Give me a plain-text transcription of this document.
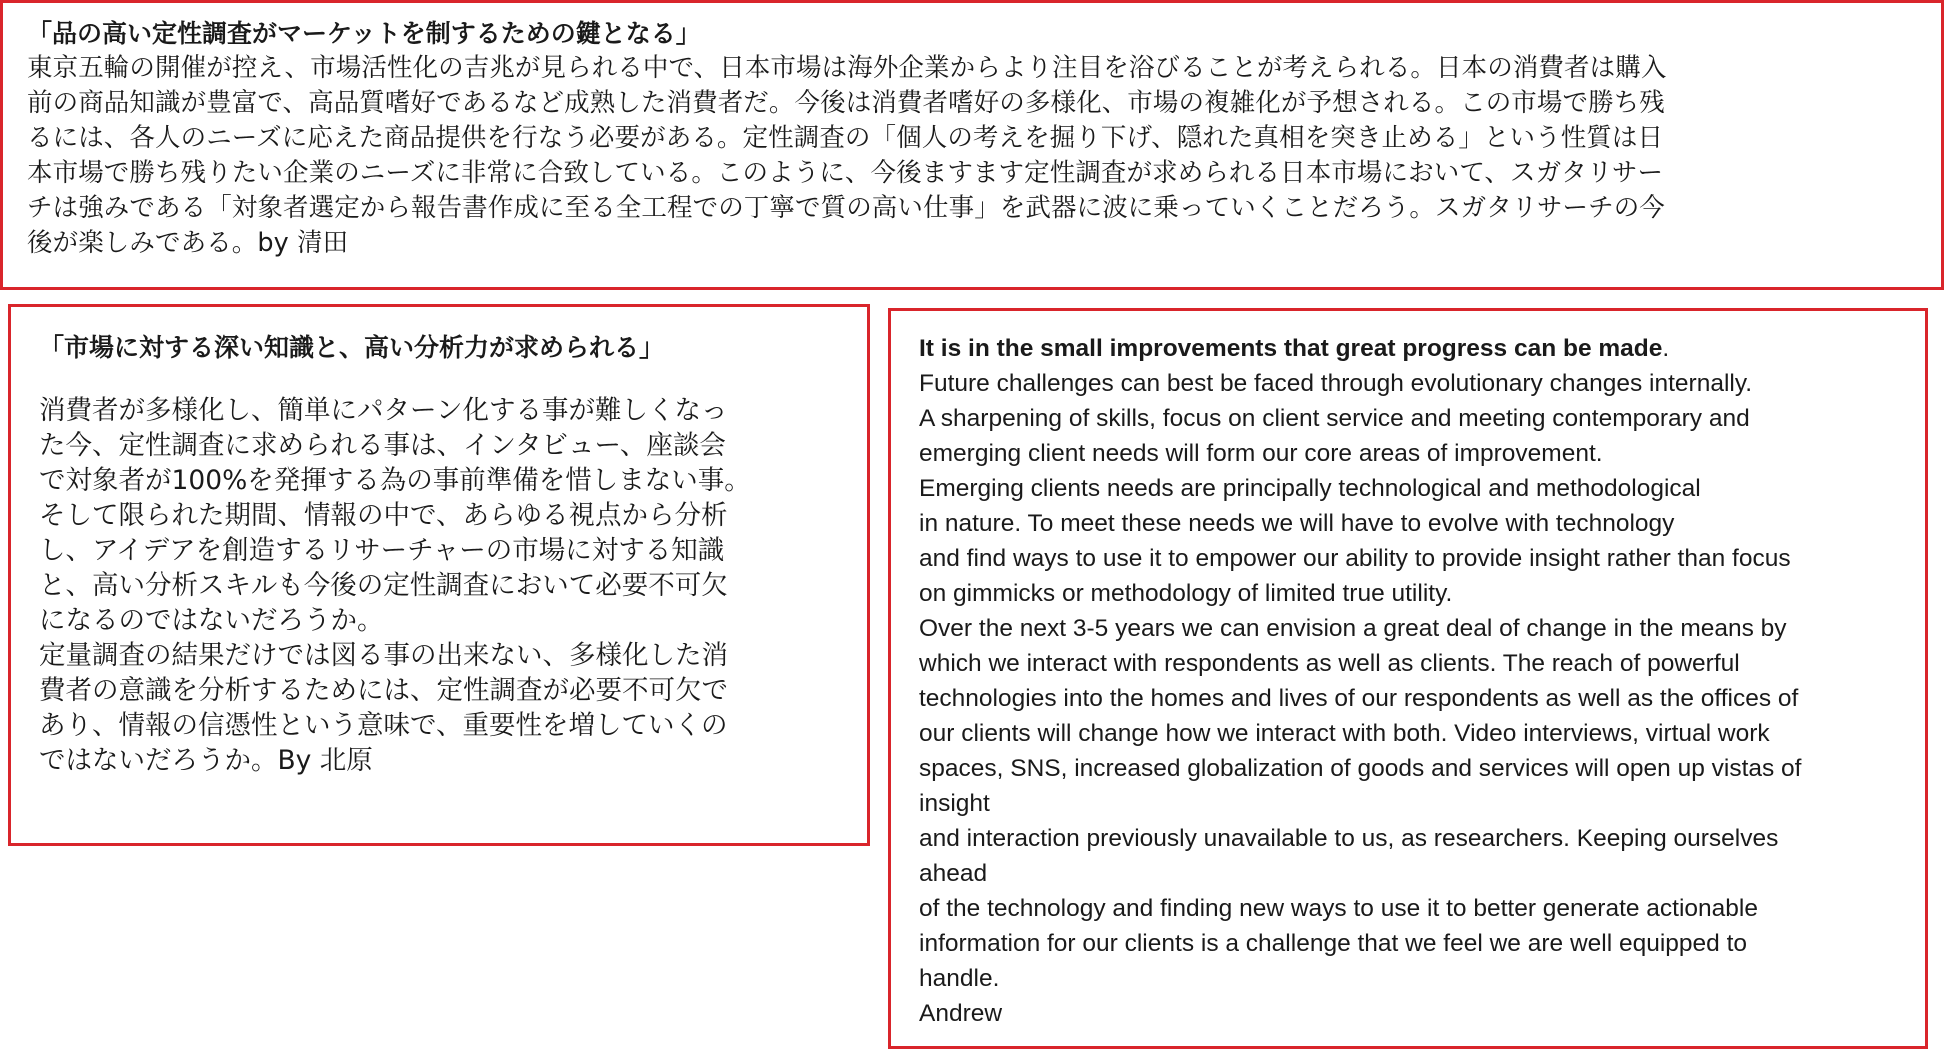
「品の高い定性調査がマーケットを制するための鍵となる」

東京五輪の開催が控え、市場活性化の吉兆が見られる中で、日本市場は海外企業からより注目を浴びることが考えられる。日本の消費者は購入
前の商品知識が豊富で、高品質嗜好であるなど成熟した消費者だ。今後は消費者嗜好の多様化、市場の複雑化が予想される。この市場で勝ち残
るには、各人のニーズに応えた商品提供を行なう必要がある。定性調査の「個人の考えを掘り下げ、隠れた真相を突き止める」という性質は日
本市場で勝ち残りたい企業のニーズに非常に合致している。このように、今後ますます定性調査が求められる日本市場において、スガタリサー
チは強みである「対象者選定から報告書作成に至る全工程での丁寧で質の高い仕事」を武器に波に乗っていくことだろう。スガタリサーチの今
後が楽しみである。by 清田

「市場に対する深い知識と、高い分析力が求められる」

消費者が多様化し、簡単にパターン化する事が難しくなっ
た今、定性調査に求められる事は、インタビュー、座談会
で対象者が100%を発揮する為の事前準備を惜しまない事。
そして限られた期間、情報の中で、あらゆる視点から分析
し、アイデアを創造するリサーチャーの市場に対する知識
と、高い分析スキルも今後の定性調査において必要不可欠
になるのではないだろうか。
定量調査の結果だけでは図る事の出来ない、多様化した消
費者の意識を分析するためには、定性調査が必要不可欠で
あり、情報の信憑性という意味で、重要性を増していくの
ではないだろうか。By 北原

It is in the small improvements that great progress can be made.
Future challenges can best be faced through evolutionary changes internally.
A sharpening of skills, focus on client service and meeting contemporary and
emerging client needs will form our core areas of improvement.
Emerging clients needs are principally technological and methodological
in nature. To meet these needs we will have to evolve with technology
and find ways to use it to empower our ability to provide insight rather than focus
on gimmicks or methodology of limited true utility.
Over the next 3-5 years we can envision a great deal of change in the means by
which we interact with respondents as well as clients. The reach of powerful
technologies into the homes and lives of our respondents as well as the offices of
our clients will change how we interact with both. Video interviews, virtual work
spaces, SNS, increased globalization of goods and services will open up vistas of
insight
and interaction previously unavailable to us, as researchers. Keeping ourselves
ahead
of the technology and finding new ways to use it to better generate actionable
information for our clients is a challenge that we feel we are well equipped to
handle.
Andrew
